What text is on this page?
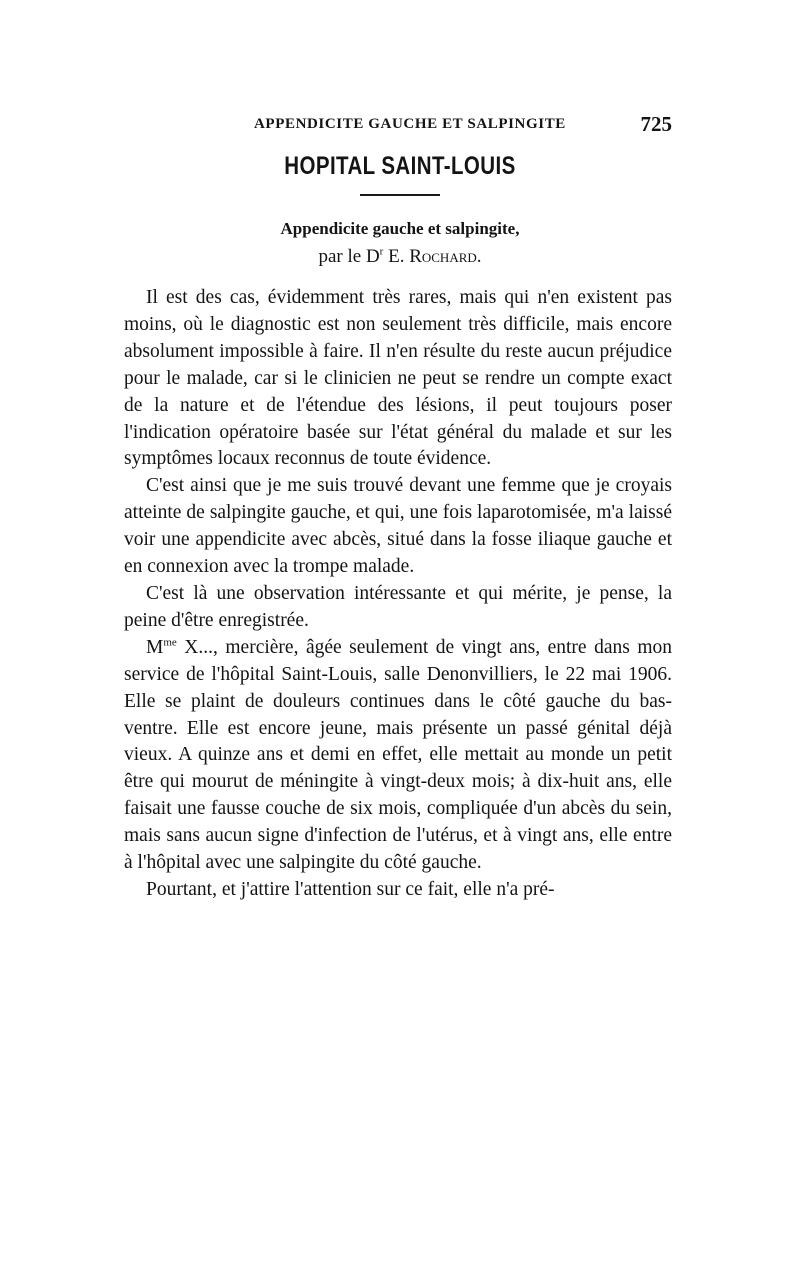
APPENDICITE GAUCHE ET SALPINGITE	725
HOPITAL SAINT-LOUIS
Appendicite gauche et salpingite,
par le $D^r$ E. Rochard.

Il est des cas, évidemment très rares, mais qui n'en existent pas moins, où le diagnostic est non seulement très difficile, mais encore absolument impossible à faire. Il n'en résulte du reste aucun préjudice pour le malade, car si le clinicien ne peut se rendre un compte exact de la nature et de l'étendue des lésions, il peut toujours poser l'indication opératoire basée sur l'état général du malade et sur les symptômes locaux reconnus de toute évidence.

C'est ainsi que je me suis trouvé devant une femme que je croyais atteinte de salpingite gauche, et qui, une fois laparotomisée, m'a laissé voir une appendicite avec abcès, situé dans la fosse iliaque gauche et en connexion avec la trompe malade.

C'est là une observation intéressante et qui mérite, je pense, la peine d'être enregistrée.

$M^{me}$ X..., mercière, âgée seulement de vingt ans, entre dans mon service de l'hôpital Saint-Louis, salle Denonvilliers, le 22 mai 1906. Elle se plaint de douleurs continues dans le côté gauche du bas-ventre. Elle est encore jeune, mais présente un passé génital déjà vieux. A quinze ans et demi en effet, elle mettait au monde un petit être qui mourut de méningite à vingt-deux mois; à dix-huit ans, elle faisait une fausse couche de six mois, compliquée d'un abcès du sein, mais sans aucun signe d'infection de l'utérus, et à vingt ans, elle entre à l'hôpital avec une salpingite du côté gauche.

Pourtant, et j'attire l'attention sur ce fait, elle n'a pré-
